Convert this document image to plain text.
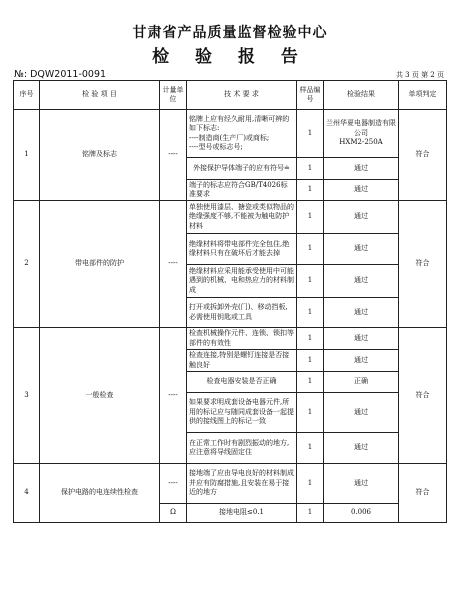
甘肃省产品质量监督检验中心
检 验 报 告
№: DQW2011-0091	共 3 页 第 2 页
序号	检 验 项 目	计量单位	技 术 要 求	样品编号	检验结果	单项判定
1	铭牌及标志	----	铭牌上应有经久耐用,清晰可辨的如下标志:
----制造商(生产厂)或商标;
----型号或标志号;	1	兰州华夏电器制造有限公司
HXM2-250A	符合
			外接保护导体端子的应有符号≐	1	通过	
			端子的标志应符合GB/T4026标准要求	1	通过	
2	带电部件的防护	----	单独使用漆层、搪瓷或类似物品的绝缘强度不够,不能被为触电防护材料	1	通过	符合
			绝缘材料将带电部件完全包住,绝缘材料只有在破坏后才能去掉	1	通过	
			绝缘材料应采用能承受使用中可能遇到的机械、电和热应力的材料制成	1	通过	
			打开或拆卸外壳(门)、移动挡板,必需使用钥匙或工具	1	通过	
3	一般检查	----	检查机械操作元件、连锁、锁扣等部件的有效性	1	通过	符合
			检查连接,特别是螺钉连接是否接触良好	1	通过	
			检查电器安装是否正确	1	正确	
			如果要求明成套设备电器元件,所用的标记应与随同成套设备一起提供的接线图上的标记一致	1	通过	
			在正常工作时有剧烈振动的地方,应注意将导线固定住	1	通过	
4	保护电路的电连续性检查	----	接地端了应由导电良好的材料制成并应有防腐措施,且安装在易于接近的地方	1	通过	符合
		Ω	接地电阻≤0.1	1	0.006	
